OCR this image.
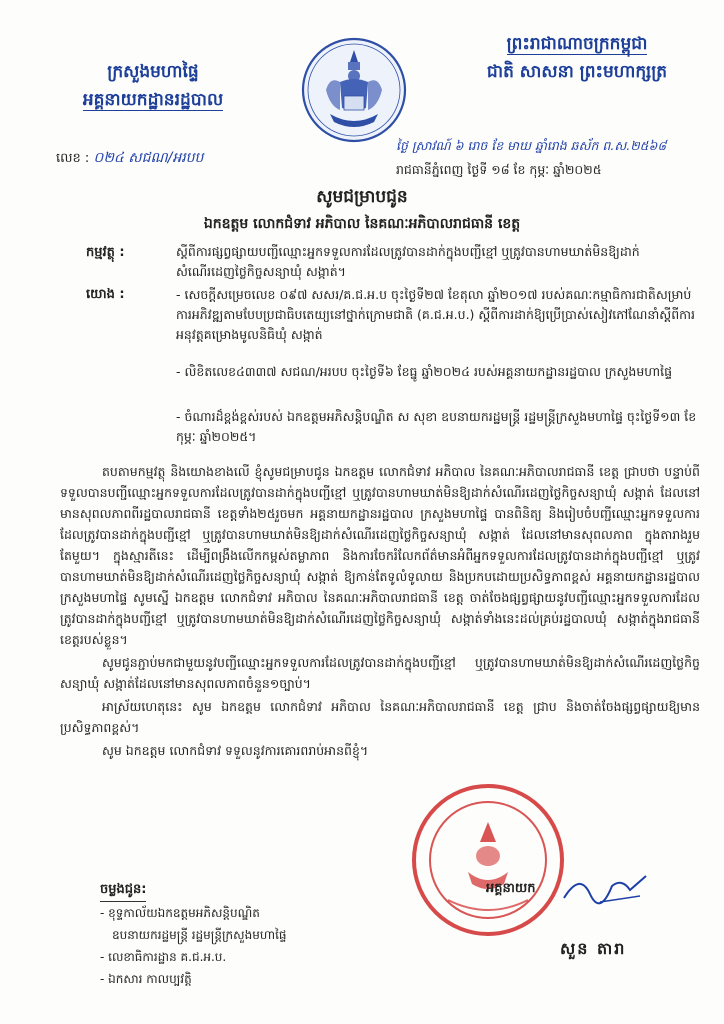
ក្រសួងមហាផ្ទៃ
អគ្គនាយកដ្ឋានរដ្ឋបាល
លេខ : ០២៤ សជណ/អរបប
ព្រះរាជាណាចក្រកម្ពុជា
ជាតិ សាសនា ព្រះមហាក្សត្រ
ថ្ងៃ ស្រាវណ៍ ៦ រោច ខែ មាឃ ឆ្នាំរោង ឆស័ក ព.ស.២៥៦៨
រាជធានីភ្នំពេញ ថ្ងៃទី ១៨ ខែ កុម្ភៈ ឆ្នាំ២០២៥
សូមជម្រាបជូន
ឯកឧត្តម លោកជំទាវ អភិបាល នៃគណៈអភិបាលរាជធានី ខេត្ត
កម្មវត្ថុ :	ស្តីពីការផ្សព្វផ្សាយបញ្ជីឈ្មោះអ្នកទទួលការដែលត្រូវបានដាក់ក្នុងបញ្ជីខ្មៅ ឬត្រូវបានហាមឃាត់មិនឱ្យដាក់សំណើរដេញថ្លៃកិច្ចសន្យាឃុំ សង្កាត់។
យោង :	- សេចក្តីសម្រេចលេខ ០៩៧ សសរ/គ.ជ.អ.ប ចុះថ្ងៃទី២៧ ខែតុលា ឆ្នាំ២០១៧ របស់គណៈកម្មាធិការជាតិសម្រាប់ការអភិវឌ្ឍតាមបែបប្រជាធិបតេយ្យនៅថ្នាក់ក្រោមជាតិ (គ.ជ.អ.ប.) ស្តីពីការដាក់ឱ្យប្រើប្រាស់សៀវភៅណែនាំស្តីពីការអនុវត្តគម្រោងមូលនិធិឃុំ សង្កាត់
- លិខិតលេខ៤៣៣៧ សជណ/អរបប ចុះថ្ងៃទី៦ ខែធ្នូ ឆ្នាំ២០២៤ របស់អគ្គនាយកដ្ឋានរដ្ឋបាល ក្រសួងមហាផ្ទៃ
- ចំណារដ៏ខ្ពង់ខ្ពស់របស់ ឯកឧត្តមអភិសន្តិបណ្ឌិត ស សុខា ឧបនាយករដ្ឋមន្ត្រី រដ្ឋមន្ត្រីក្រសួងមហាផ្ទៃ ចុះថ្ងៃទី១៣ ខែកុម្ភៈ ឆ្នាំ២០២៥។

តបតាមកម្មវត្ថុ និងយោងខាងលើ ខ្ញុំសូមជម្រាបជូន ឯកឧត្តម លោកជំទាវ អភិបាល នៃគណៈអភិបាលរាជធានី ខេត្ត ជ្រាបថា បន្ទាប់ពីទទួលបានបញ្ជីឈ្មោះអ្នកទទួលការដែលត្រូវបានដាក់ក្នុងបញ្ជីខ្មៅ ឬត្រូវបានហាមឃាត់មិនឱ្យដាក់សំណើរដេញថ្លៃកិច្ចសន្យាឃុំ សង្កាត់ ដែលនៅមានសុពលភាពពីរដ្ឋបាលរាជធានី ខេត្តទាំង២៥រួចមក អគ្គនាយកដ្ឋានរដ្ឋបាល ក្រសួងមហាផ្ទៃ បានពិនិត្យ និងរៀបចំបញ្ជីឈ្មោះអ្នកទទួលការដែលត្រូវបានដាក់ក្នុងបញ្ជីខ្មៅ ឬត្រូវបានហាមឃាត់មិនឱ្យដាក់សំណើរដេញថ្លៃកិច្ចសន្យាឃុំ សង្កាត់ ដែលនៅមានសុពលភាព ក្នុងតារាងរួមតែមួយ។ ក្នុងស្មារតីនេះ ដើម្បីពង្រឹងលើកកម្ពស់តម្លាភាព និងការចែករំលែកព័ត៌មានអំពីអ្នកទទួលការដែលត្រូវបានដាក់ក្នុងបញ្ជីខ្មៅ ឬត្រូវបានហាមឃាត់មិនឱ្យដាក់សំណើរដេញថ្លៃកិច្ចសន្យាឃុំ សង្កាត់ ឱ្យកាន់តែទូលំទូលាយ និងប្រកបដោយប្រសិទ្ធភាពខ្ពស់ អគ្គនាយកដ្ឋានរដ្ឋបាល ក្រសួងមហាផ្ទៃ សូមស្នើ ឯកឧត្តម លោកជំទាវ អភិបាល នៃគណៈអភិបាលរាជធានី ខេត្ត ចាត់ចែងផ្សព្វផ្សាយនូវបញ្ជីឈ្មោះអ្នកទទួលការដែលត្រូវបានដាក់ក្នុងបញ្ជីខ្មៅ ឬត្រូវបានហាមឃាត់មិនឱ្យដាក់សំណើរដេញថ្លៃកិច្ចសន្យាឃុំ សង្កាត់ទាំងនេះដល់គ្រប់រដ្ឋបាលឃុំ សង្កាត់ក្នុងរាជធានី ខេត្តរបស់ខ្លួន។

សូមជូនភ្ជាប់មកជាមួយនូវបញ្ជីឈ្មោះអ្នកទទួលការដែលត្រូវបានដាក់ក្នុងបញ្ជីខ្មៅ ឬត្រូវបានហាមឃាត់មិនឱ្យដាក់សំណើរដេញថ្លៃកិច្ចសន្យាឃុំ សង្កាត់ដែលនៅមានសុពលភាពចំនួន១ច្បាប់។

អាស្រ័យហេតុនេះ សូម ឯកឧត្តម លោកជំទាវ អភិបាល នៃគណៈអភិបាលរាជធានី ខេត្ត ជ្រាប និងចាត់ចែងផ្សព្វផ្សាយឱ្យមានប្រសិទ្ធភាពខ្ពស់។

សូម ឯកឧត្តម លោកជំទាវ ទទួលនូវការគោរពរាប់អានពីខ្ញុំ។

អគ្គនាយក
សួន តារា
ចម្លងជូន:
- ខុទ្ទកាល័យឯកឧត្តមអភិសន្តិបណ្ឌិត
ឧបនាយករដ្ឋមន្ត្រី រដ្ឋមន្ត្រីក្រសួងមហាផ្ទៃ
- លេខាធិការដ្ឋាន គ.ជ.អ.ប.
- ឯកសារ កាលប្បវត្តិ
